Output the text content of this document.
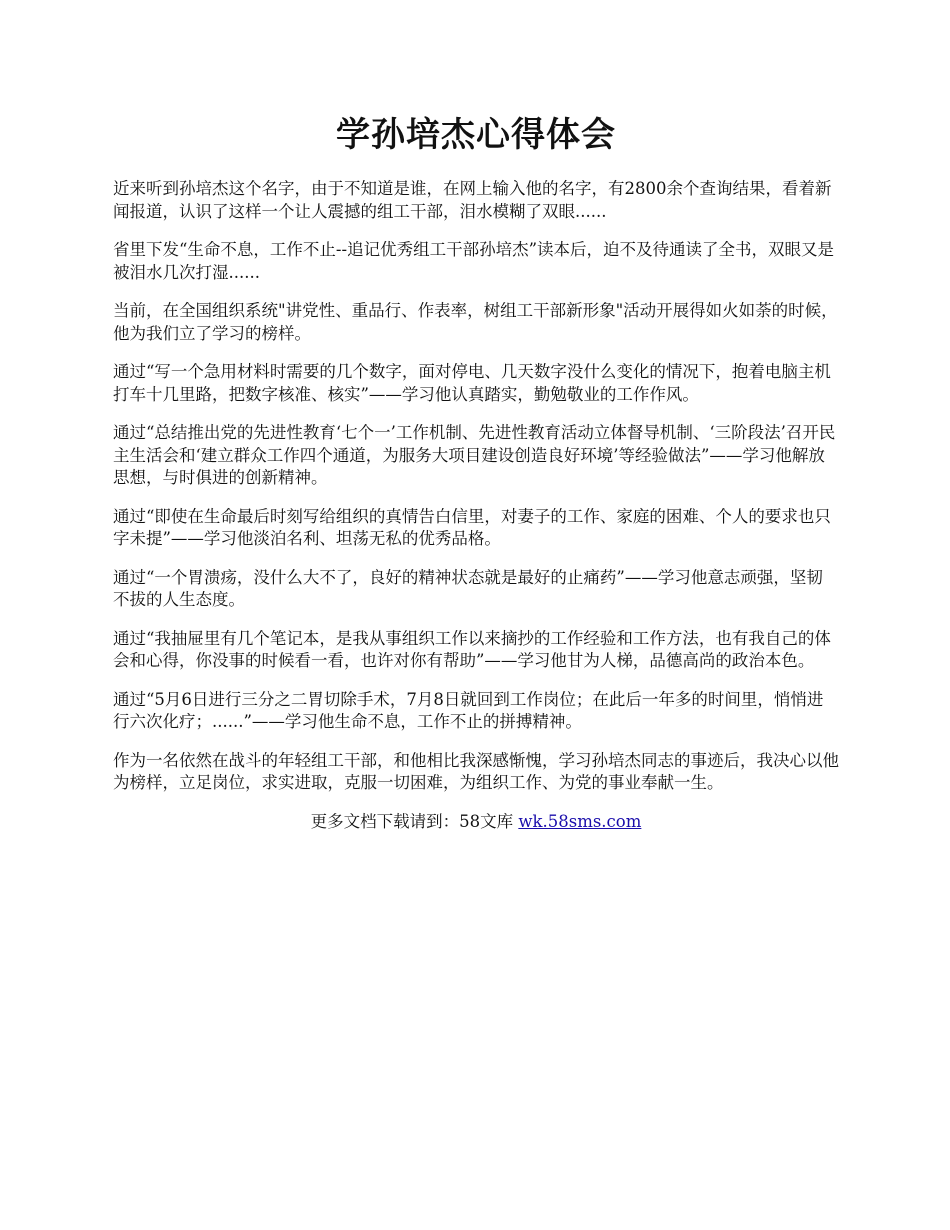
学孙培杰心得体会

近来听到孙培杰这个名字，由于不知道是谁，在网上输入他的名字，有2800余个查询结果，看着新闻报道，认识了这样一个让人震撼的组工干部，泪水模糊了双眼......

省里下发“生命不息，工作不止--追记优秀组工干部孙培杰”读本后，迫不及待通读了全书，双眼又是被泪水几次打湿......

当前，在全国组织系统"讲党性、重品行、作表率，树组工干部新形象"活动开展得如火如荼的时候，他为我们立了学习的榜样。

通过“写一个急用材料时需要的几个数字，面对停电、几天数字没什么变化的情况下，抱着电脑主机打车十几里路，把数字核准、核实”——学习他认真踏实，勤勉敬业的工作作风。

通过“总结推出党的先进性教育‘七个一’工作机制、先进性教育活动立体督导机制、‘三阶段法’召开民主生活会和‘建立群众工作四个通道，为服务大项目建设创造良好环境’等经验做法”——学习他解放思想，与时俱进的创新精神。

通过“即使在生命最后时刻写给组织的真情告白信里，对妻子的工作、家庭的困难、个人的要求也只字未提”——学习他淡泊名利、坦荡无私的优秀品格。

通过“一个胃溃疡，没什么大不了，良好的精神状态就是最好的止痛药”——学习他意志顽强，坚韧不拔的人生态度。

通过“我抽屉里有几个笔记本，是我从事组织工作以来摘抄的工作经验和工作方法，也有我自己的体会和心得，你没事的时候看一看，也许对你有帮助”——学习他甘为人梯，品德高尚的政治本色。

通过“5月6日进行三分之二胃切除手术，7月8日就回到工作岗位；在此后一年多的时间里，悄悄进行六次化疗；......”——学习他生命不息，工作不止的拼搏精神。

作为一名依然在战斗的年轻组工干部，和他相比我深感惭愧，学习孙培杰同志的事迹后，我决心以他为榜样，立足岗位，求实进取，克服一切困难，为组织工作、为党的事业奉献一生。

更多文档下载请到：58文库 wk.58sms.com
